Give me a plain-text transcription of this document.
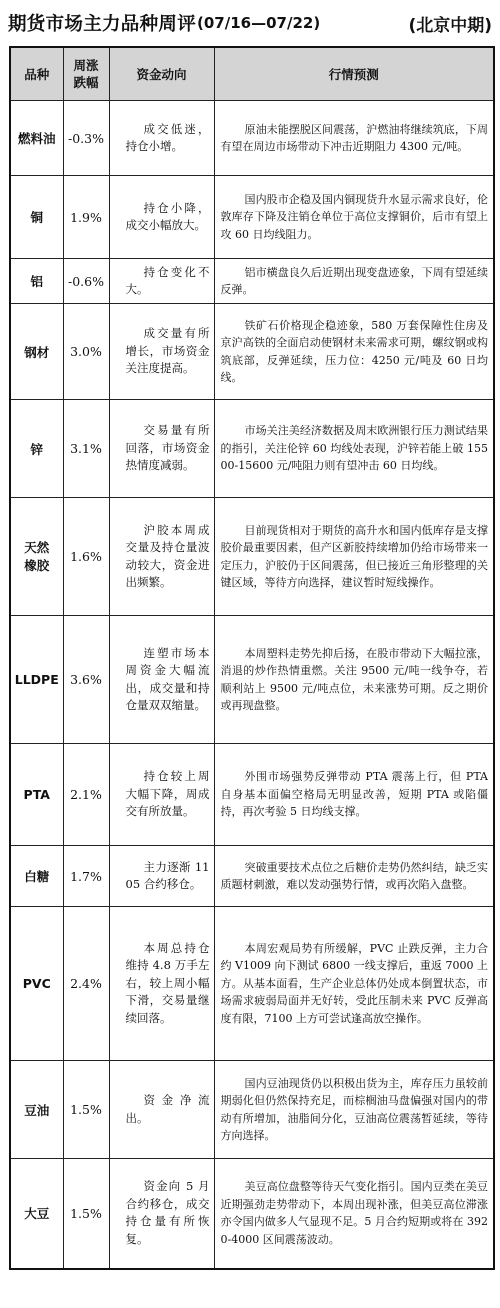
期货市场主力品种周评 (07/16—07/22)	(北京中期)
品种	周涨跌幅	资金动向	行情预测
燃料油	-0.3%	成交低迷，持仓小增。	原油未能摆脱区间震荡，沪燃油将继续筑底，下周有望在周边市场带动下冲击近期阻力 4300 元/吨。

铜	1.9%	持仓小降，成交小幅放大。	国内股市企稳及国内铜现货升水显示需求良好，伦敦库存下降及注销仓单位于高位支撑铜价，后市有望上攻 60 日均线阻力。

铝	-0.6%	持仓变化不大。	铝市横盘良久后近期出现变盘迹象，下周有望延续反弹。

钢材	3.0%	成交量有所增长，市场资金关注度提高。	铁矿石价格现企稳迹象，580 万套保障性住房及京沪高铁的全面启动使钢材未来需求可期，螺纹钢或构筑底部，反弹延续，压力位：4250 元/吨及 60 日均线。

锌	3.1%	交易量有所回落，市场资金热情度减弱。	市场关注美经济数据及周末欧洲银行压力测试结果的指引，关注伦锌 60 均线处表现，沪锌若能上破 15500-15600 元/吨阻力则有望冲击 60 日均线。

天然橡胶	1.6%	沪胶本周成交量及持仓量波动较大，资金进出频繁。	目前现货相对于期货的高升水和国内低库存是支撑胶价最重要因素，但产区新胶持续增加仍给市场带来一定压力，沪胶仍于区间震荡，但已接近三角形整理的关键区域，等待方向选择，建议暂时短线操作。

LLDPE	3.6%	连塑市场本周资金大幅流出，成交量和持仓量双双缩量。	本周塑料走势先抑后扬，在股市带动下大幅拉涨，消退的炒作热情重燃。关注 9500 元/吨一线争夺，若顺利站上 9500 元/吨点位，未来涨势可期。反之期价或再现盘整。

PTA	2.1%	持仓较上周大幅下降，周成交有所放量。	外围市场强势反弹带动 PTA 震荡上行，但 PTA 自身基本面偏空格局无明显改善，短期 PTA 或陷僵持，再次考验 5 日均线支撑。

白糖	1.7%	主力逐渐 1105 合约移仓。	突破重要技术点位之后糖价走势仍然纠结，缺乏实质题材刺激，难以发动强势行情，或再次陷入盘整。

PVC	2.4%	本周总持仓维持 4.8 万手左右，较上周小幅下滑，交易量继续回落。	本周宏观局势有所缓解，PVC 止跌反弹，主力合约 V1009 向下测试 6800 一线支撑后，重返 7000 上方。从基本面看，生产企业总体仍处成本倒置状态，市场需求疲弱局面并无好转，受此压制未来 PVC 反弹高度有限，7100 上方可尝试逢高放空操作。

豆油	1.5%	资金净流出。	国内豆油现货仍以积极出货为主，库存压力虽较前期弱化但仍然保持充足，而棕榈油马盘偏强对国内的带动有所增加，油脂间分化，豆油高位震荡暂延续，等待方向选择。

大豆	1.5%	资金向 5 月合约移仓，成交持仓量有所恢复。	美豆高位盘整等待天气变化指引。国内豆类在美豆近期强劲走势带动下，本周出现补涨，但美豆高位滞涨亦令国内做多人气显现不足。5 月合约短期或将在 3920-4000 区间震荡波动。
